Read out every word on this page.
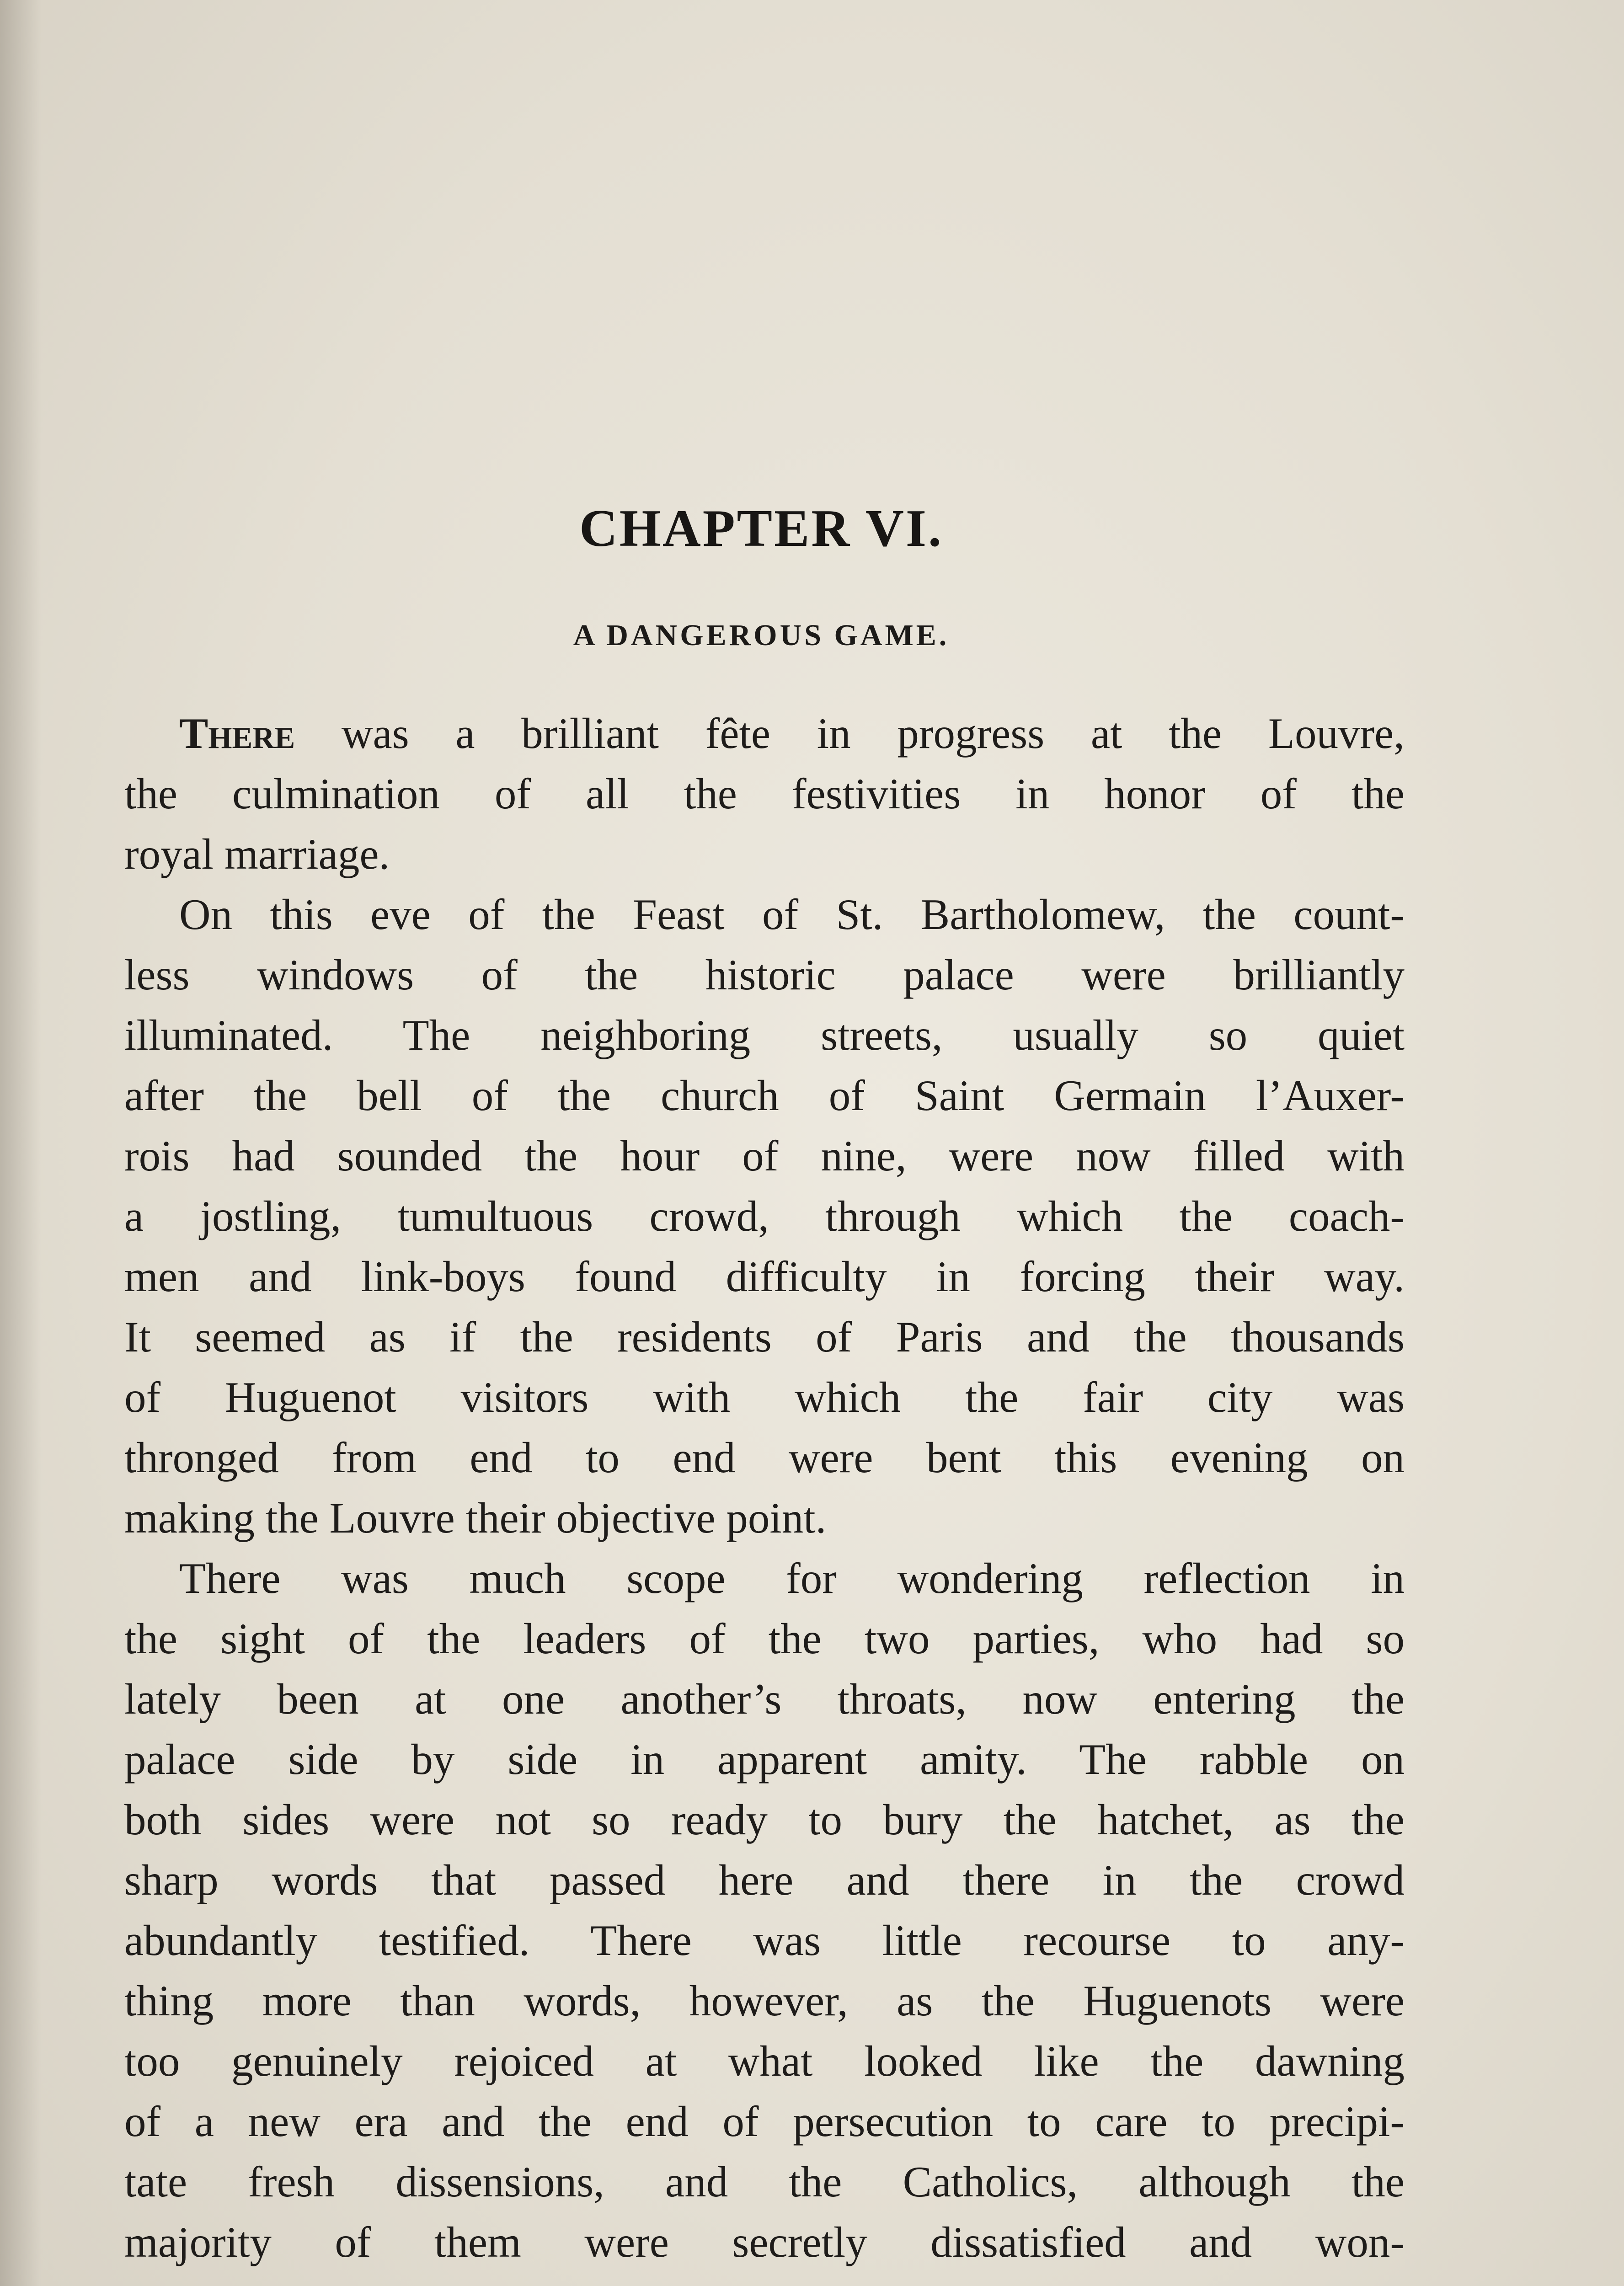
CHAPTER VI.
A DANGEROUS GAME.
There was a brilliant fête in progress at the Louvre,
the culmination of all the festivities in honor of the
royal marriage.
On this eve of the Feast of St. Bartholomew, the count-
less windows of the historic palace were brilliantly
illuminated. The neighboring streets, usually so quiet
after the bell of the church of Saint Germain l’Auxer-
rois had sounded the hour of nine, were now filled with
a jostling, tumultuous crowd, through which the coach-
men and link-boys found difficulty in forcing their way.
It seemed as if the residents of Paris and the thousands
of Huguenot visitors with which the fair city was
thronged from end to end were bent this evening on
making the Louvre their objective point.
There was much scope for wondering reflection in
the sight of the leaders of the two parties, who had so
lately been at one another’s throats, now entering the
palace side by side in apparent amity. The rabble on
both sides were not so ready to bury the hatchet, as the
sharp words that passed here and there in the crowd
abundantly testified. There was little recourse to any-
thing more than words, however, as the Huguenots were
too genuinely rejoiced at what looked like the dawning
of a new era and the end of persecution to care to precipi-
tate fresh dissensions, and the Catholics, although the
majority of them were secretly dissatisfied and won-
